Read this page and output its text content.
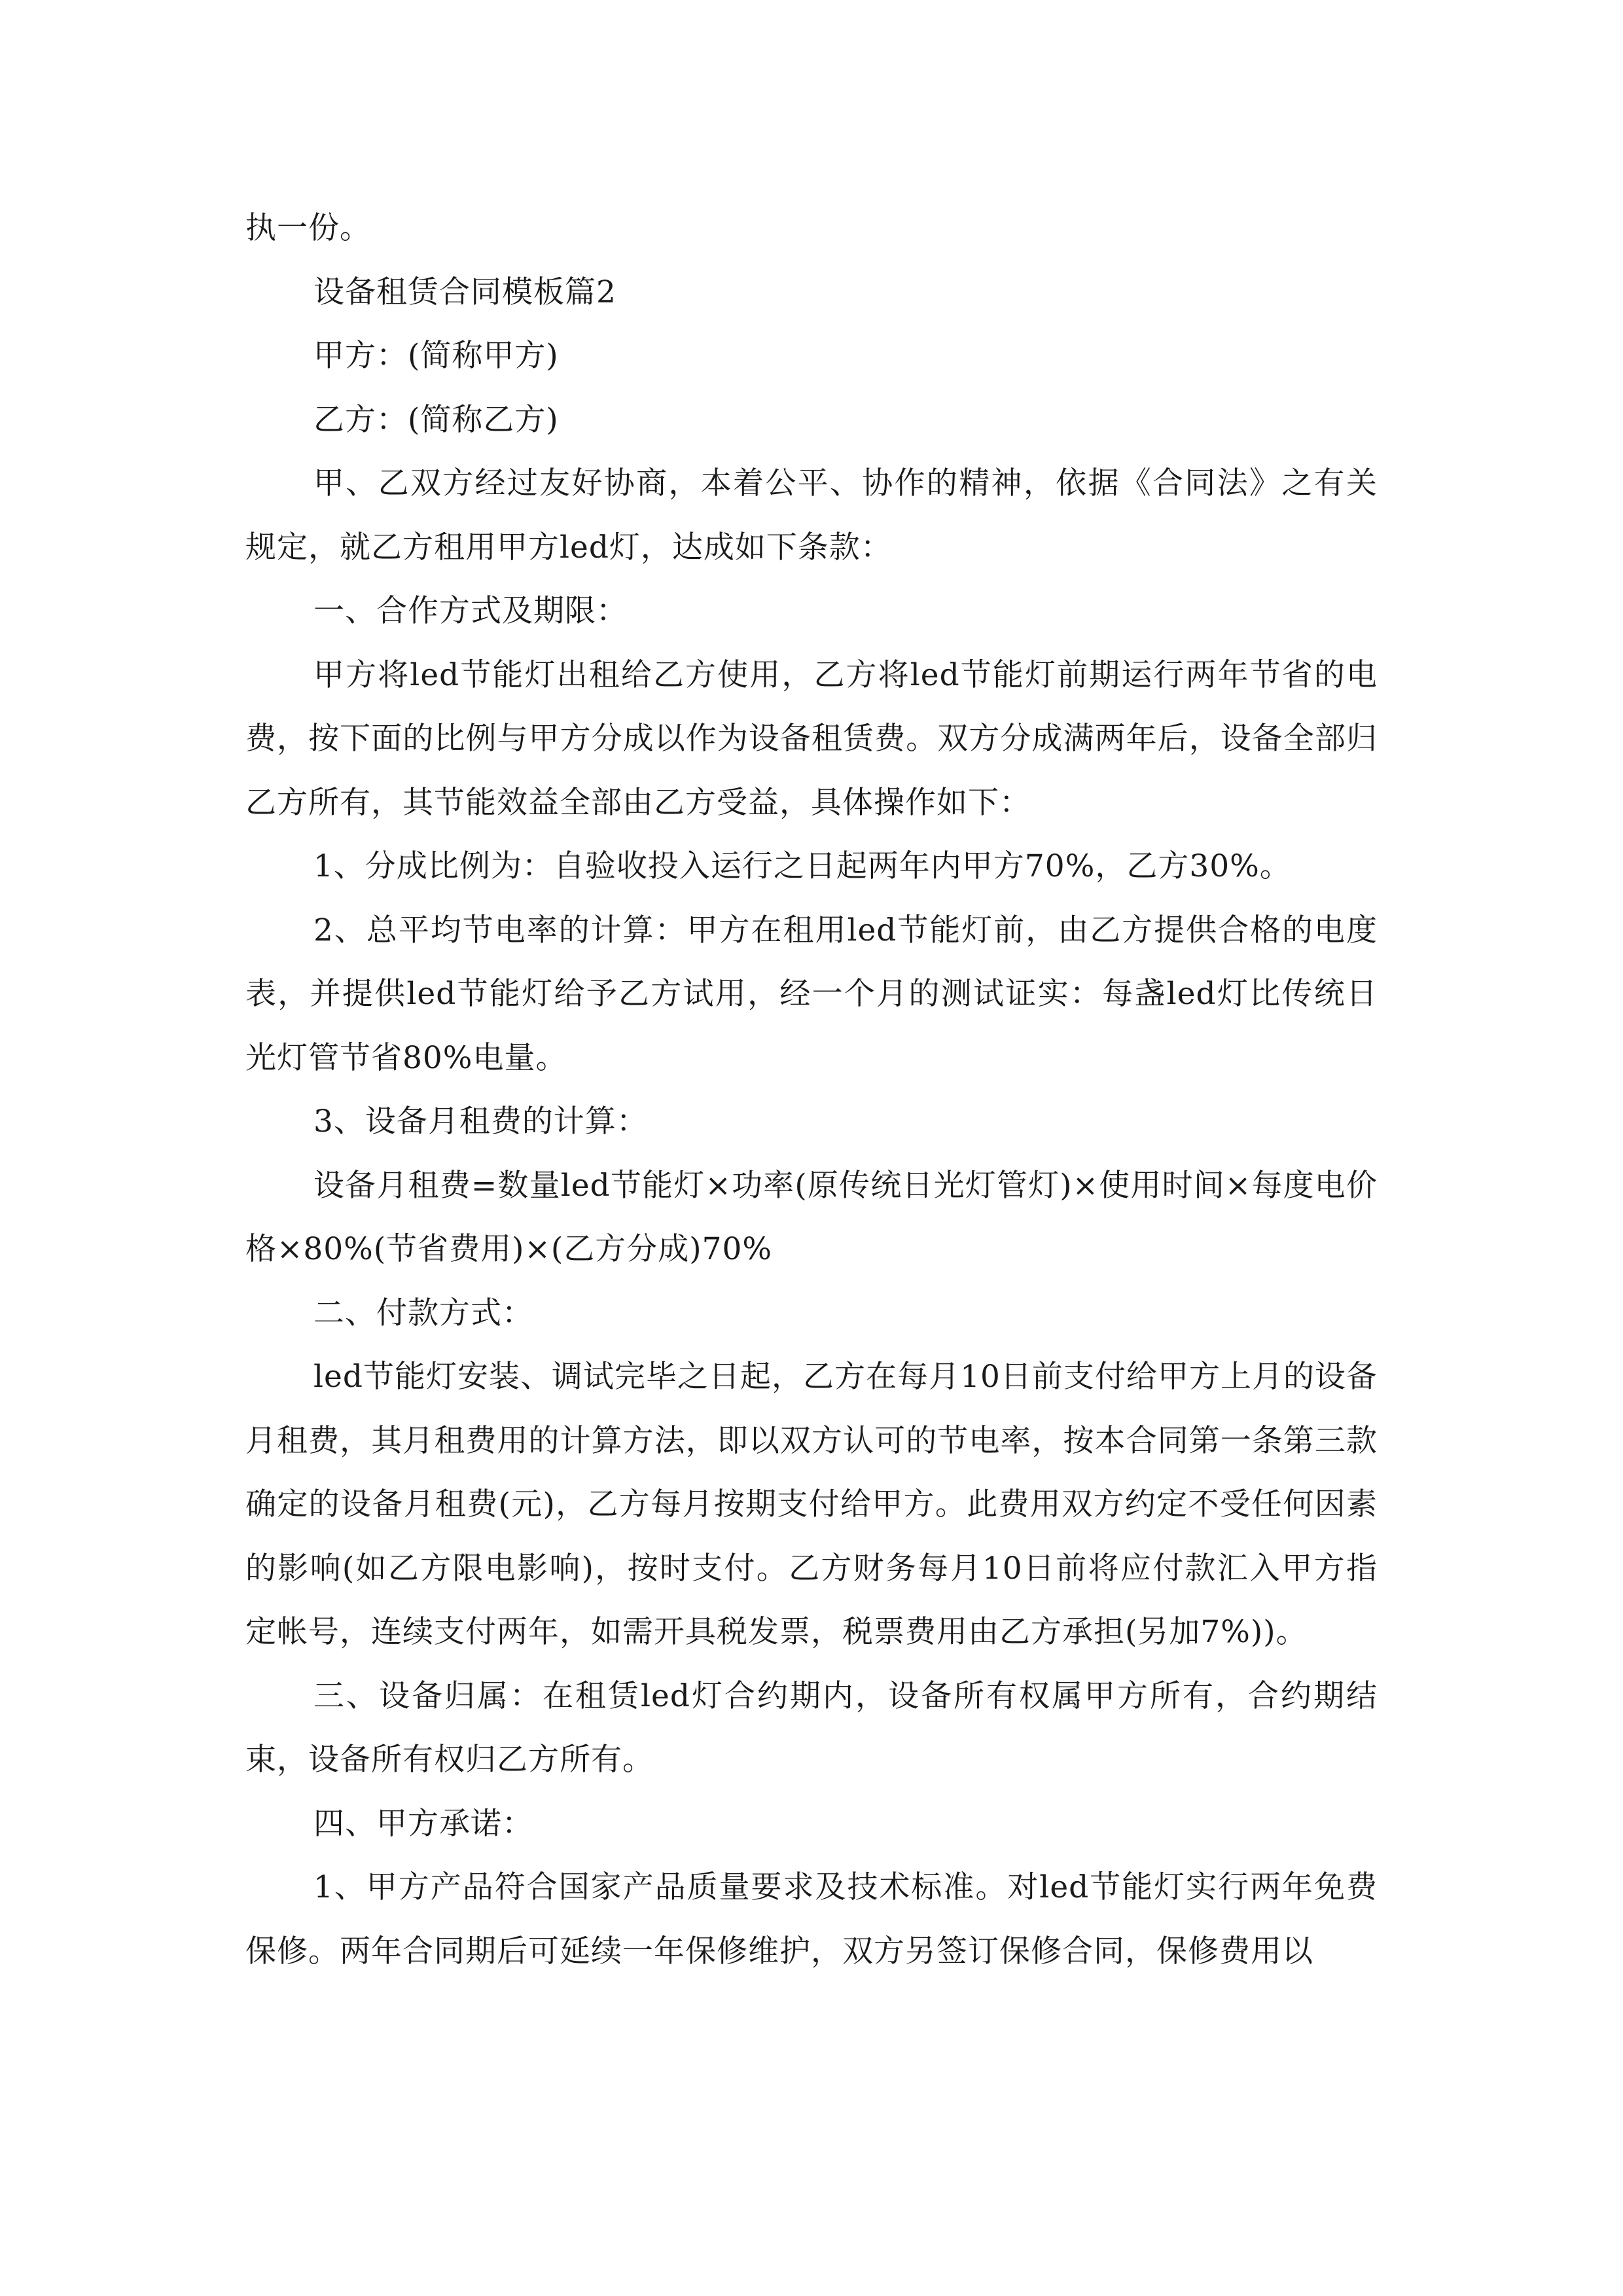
执一份。

设备租赁合同模板篇2

甲方：(简称甲方)

乙方：(简称乙方)

甲、乙双方经过友好协商，本着公平、协作的精神，依据《合同法》之有关规定，就乙方租用甲方led灯，达成如下条款：

一、合作方式及期限：

甲方将led节能灯出租给乙方使用，乙方将led节能灯前期运行两年节省的电费，按下面的比例与甲方分成以作为设备租赁费。双方分成满两年后，设备全部归乙方所有，其节能效益全部由乙方受益，具体操作如下：

1、分成比例为：自验收投入运行之日起两年内甲方70%，乙方30%。

2、总平均节电率的计算：甲方在租用led节能灯前，由乙方提供合格的电度表，并提供led节能灯给予乙方试用，经一个月的测试证实：每盏led灯比传统日光灯管节省80%电量。

3、设备月租费的计算：

设备月租费=数量led节能灯×功率(原传统日光灯管灯)×使用时间×每度电价格×80%(节省费用)×(乙方分成)70%

二、付款方式：

led节能灯安装、调试完毕之日起，乙方在每月10日前支付给甲方上月的设备月租费，其月租费用的计算方法，即以双方认可的节电率，按本合同第一条第三款确定的设备月租费(元)，乙方每月按期支付给甲方。此费用双方约定不受任何因素的影响(如乙方限电影响)，按时支付。乙方财务每月10日前将应付款汇入甲方指定帐号，连续支付两年，如需开具税发票，税票费用由乙方承担(另加7%))。

三、设备归属：在租赁led灯合约期内，设备所有权属甲方所有，合约期结束，设备所有权归乙方所有。

四、甲方承诺：

1、甲方产品符合国家产品质量要求及技术标准。对led节能灯实行两年免费保修。两年合同期后可延续一年保修维护，双方另签订保修合同，保修费用以
